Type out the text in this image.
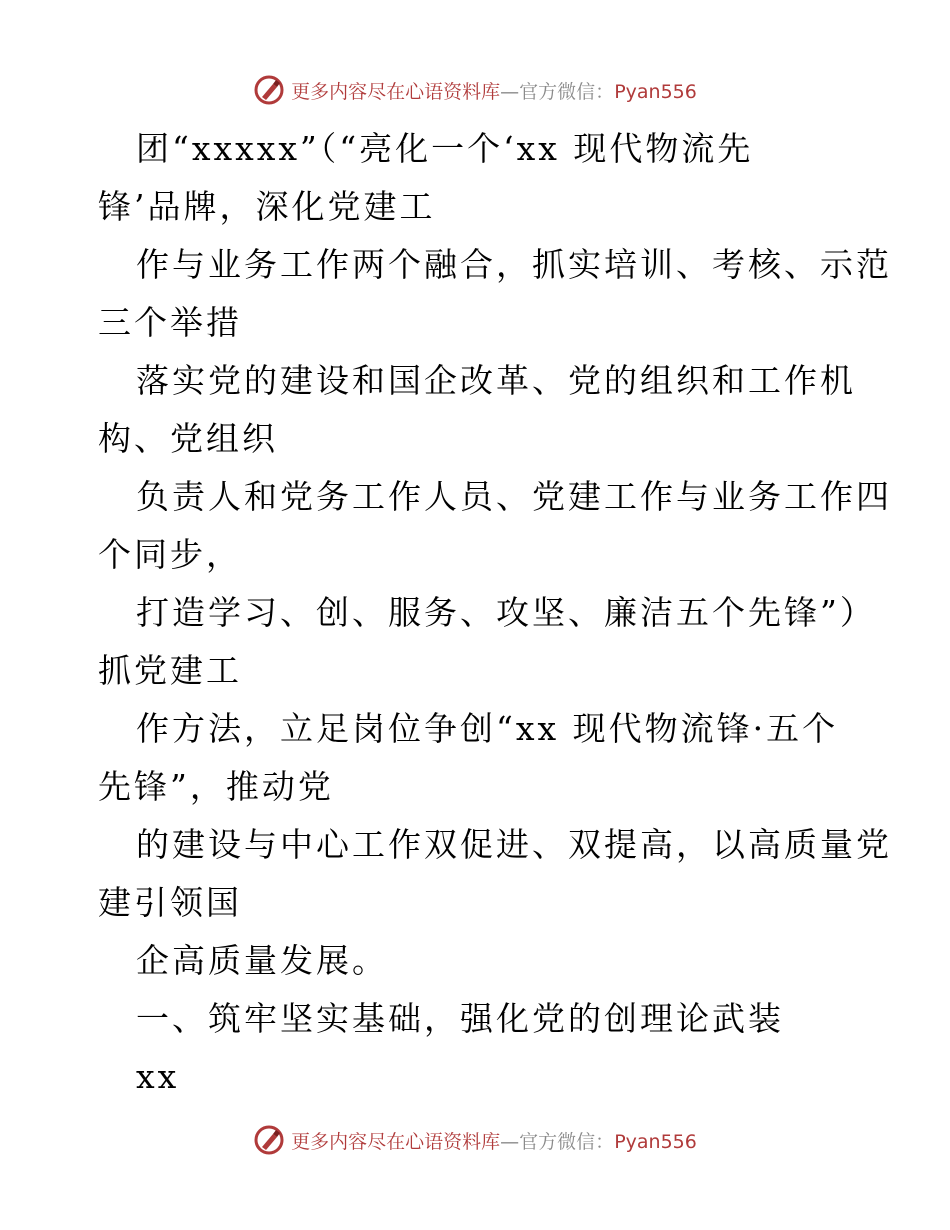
更多内容尽在心语资料库—官方微信：Pyan556
团“xxxxx”（“亮化一个‘xx 现代物流先
锋’品牌，深化党建工
作与业务工作两个融合，抓实培训、考核、示范
三个举措
落实党的建设和国企改革、党的组织和工作机
构、党组织
负责人和党务工作人员、党建工作与业务工作四
个同步，
打造学习、创、服务、攻坚、廉洁五个先锋”）
抓党建工
作方法，立足岗位争创“xx 现代物流锋·五个
先锋”，推动党
的建设与中心工作双促进、双提高，以高质量党
建引领国
企高质量发展。
一、筑牢坚实基础，强化党的创理论武装
xx
更多内容尽在心语资料库—官方微信：Pyan556
